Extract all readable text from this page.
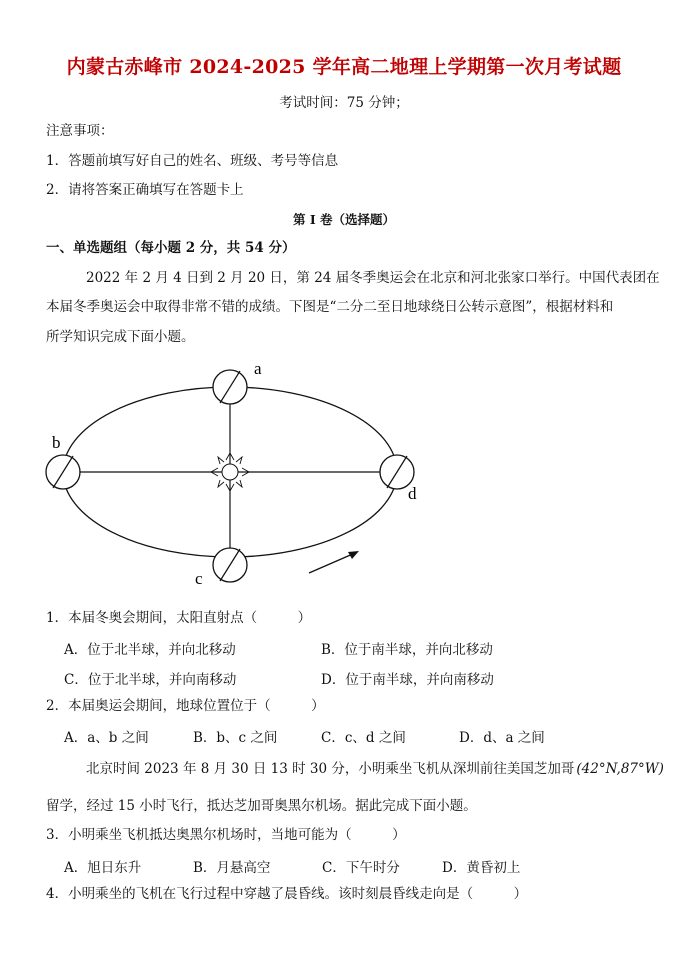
内蒙古赤峰市 2024-2025 学年高二地理上学期第一次月考试题
考试时间：75 分钟；
注意事项：
1．答题前填写好自己的姓名、班级、考号等信息
2．请将答案正确填写在答题卡上
第 I 卷（选择题）
一、单选题组（每小题 2 分，共 54 分）
2022 年 2 月 4 日到 2 月 20 日，第 24 届冬季奥运会在北京和河北张家口举行。中国代表团在
本届冬季奥运会中取得非常不错的成绩。下图是“二分二至日地球绕日公转示意图”，根据材料和
所学知识完成下面小题。
a
b
c
d
1．本届冬奥会期间，太阳直射点（　　　）
A．位于北半球，并向北移动	B．位于南半球，并向北移动
C．位于北半球，并向南移动	D．位于南半球，并向南移动
2．本届奥运会期间，地球位置位于（　　　）
A．a、b 之间	B．b、c 之间	C．c、d 之间	D．d、a 之间
北京时间 2023 年 8 月 30 日 13 时 30 分，小明乘坐飞机从深圳前往美国芝加哥 (42°N,87°W)
留学，经过 15 小时飞行，抵达芝加哥奥黑尔机场。据此完成下面小题。
3．小明乘坐飞机抵达奥黑尔机场时，当地可能为（　　　）
A．旭日东升	B．月悬高空	C．下午时分	D．黄昏初上
4．小明乘坐的飞机在飞行过程中穿越了晨昏线。该时刻晨昏线走向是（　　　）
